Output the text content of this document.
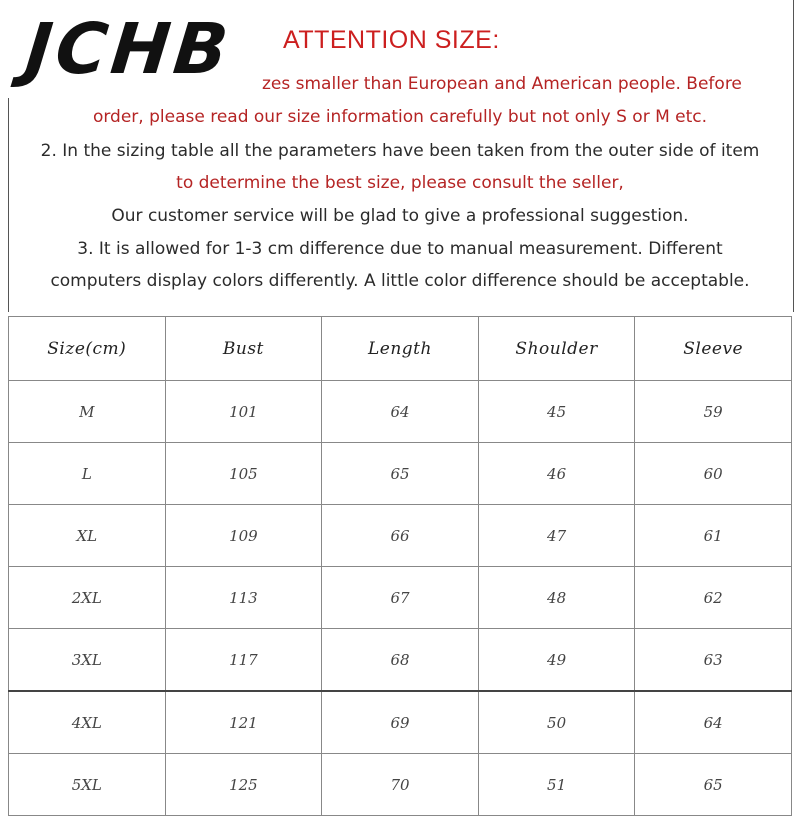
JCHB ATTENTION SIZE:
zes smaller than European and American people. Before
order, please read our size information carefully but not only S or M etc.
2. In the sizing table all the parameters have been taken from the outer side of item
to determine the best size, please consult the seller,
Our customer service will be glad to give a professional suggestion.
3. It is allowed for 1-3 cm difference due to manual measurement. Different
computers display colors differently. A little color difference should be acceptable.
Size(cm)	Bust	Length	Shoulder	Sleeve
M	101	64	45	59
L	105	65	46	60
XL	109	66	47	61
2XL	113	67	48	62
3XL	117	68	49	63
4XL	121	69	50	64
5XL	125	70	51	65
